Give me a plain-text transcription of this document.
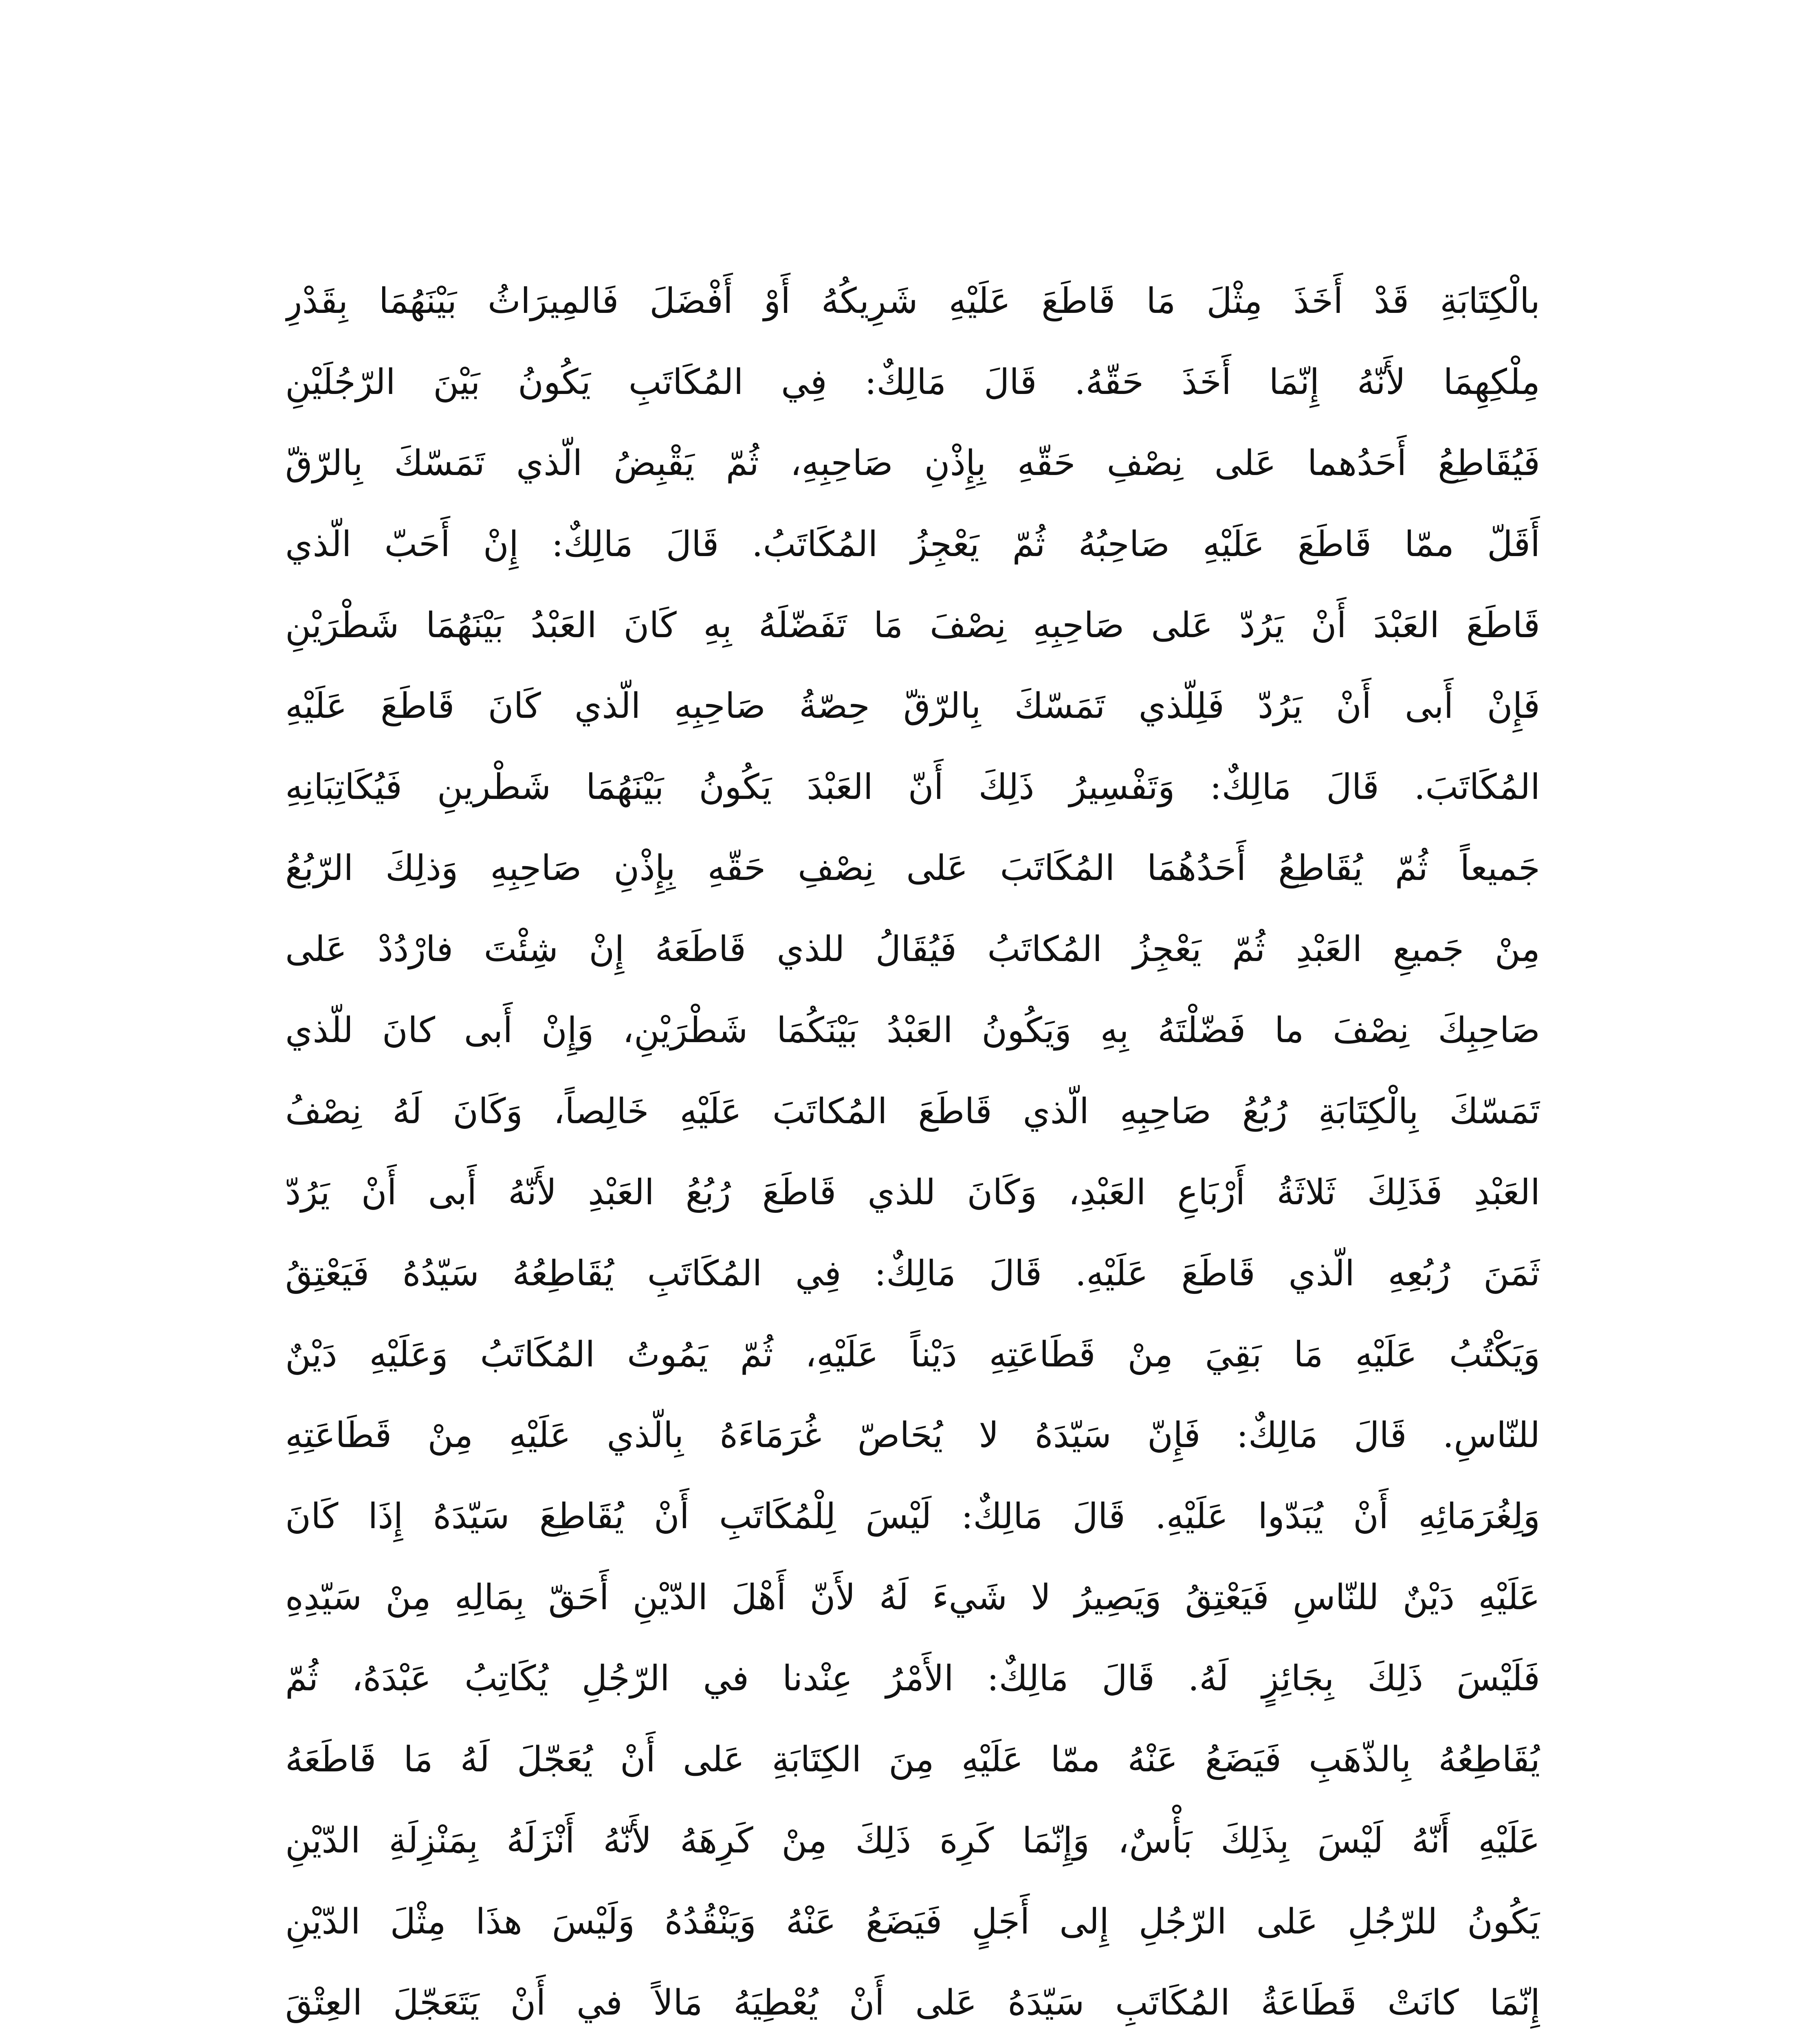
بالْكِتَابَةِ قَدْ أَخَذَ مِثْلَ مَا قَاطَعَ عَلَيْهِ شَرِيكُهُ أَوْ أَفْضَلَ فَالمِيرَاثُ بَيْنَهُمَا بِقَدْرِ
مِلْكِهِمَا لأَنّهُ إِنّمَا أَخَذَ حَقّهُ. قَالَ مَالِكٌ: فِي المُكَاتَبِ يَكُونُ بَيْنَ الرّجُلَيْنِ
فَيُقَاطِعُ أَحَدُهما عَلى نِصْفِ حَقّهِ بِإِذْنِ صَاحِبِهِ، ثُمّ يَقْبِضُ الّذي تَمَسّكَ بِالرّقّ
أَقَلّ ممّا قَاطَعَ عَلَيْهِ صَاحِبُهُ ثُمّ يَعْجِزُ المُكَاتَبُ. قَالَ مَالِكٌ: إِنْ أَحَبّ الّذي
قَاطَعَ العَبْدَ أَنْ يَرُدّ عَلى صَاحِبِهِ نِصْفَ مَا تَفَضّلَهُ بِهِ كَانَ العَبْدُ بَيْنَهُمَا شَطْرَيْنِ
فَإِنْ أَبى أَنْ يَرُدّ فَلِلّذي تَمَسّكَ بِالرّقّ حِصّةُ صَاحِبِهِ الّذي كَانَ قَاطَعَ عَلَيْهِ
المُكَاتَبَ. قَالَ مَالِكٌ: وَتَفْسِيرُ ذَلِكَ أَنّ العَبْدَ يَكُونُ بَيْنَهُمَا شَطْرينِ فَيُكَاتِبَانِهِ
جَميعاً ثُمّ يُقَاطِعُ أَحَدُهُمَا المُكَاتَبَ عَلى نِصْفِ حَقّهِ بِإِذْنِ صَاحِبِهِ وَذلِكَ الرّبُعُ
مِنْ جَميعِ العَبْدِ ثُمّ يَعْجِزُ المُكاتَبُ فَيُقَالُ للذي قَاطَعَهُ إِنْ شِئْتَ فارْدُدْ عَلى
صَاحِبِكَ نِصْفَ ما فَضّلْتَهُ بِهِ وَيَكُونُ العَبْدُ بَيْنَكُمَا شَطْرَيْنِ، وَإِنْ أَبى كانَ للّذي
تَمَسّكَ بِالْكِتَابَةِ رُبُعُ صَاحِبِهِ الّذي قَاطَعَ المُكاتَبَ عَلَيْهِ خَالِصاً، وَكَانَ لَهُ نِصْفُ
العَبْدِ فَذَلِكَ ثَلاثَةُ أَرْبَاعِ العَبْدِ، وَكَانَ للذي قَاطَعَ رُبُعُ العَبْدِ لأَنّهُ أَبى أَنْ يَرُدّ
ثَمَنَ رُبُعِهِ الّذي قَاطَعَ عَلَيْهِ. قَالَ مَالِكٌ: فِي المُكَاتَبِ يُقَاطِعُهُ سَيّدُهُ فَيَعْتِقُ
وَيَكْتُبُ عَلَيْهِ مَا بَقِيَ مِنْ قَطَاعَتِهِ دَيْناً عَلَيْهِ، ثُمّ يَمُوتُ المُكَاتَبُ وَعَلَيْهِ دَيْنٌ
للنّاسِ. قَالَ مَالِكٌ: فَإِنّ سَيّدَهُ لا يُحَاصّ غُرَمَاءَهُ بِالّذي عَلَيْهِ مِنْ قَطَاعَتِهِ
وَلِغُرَمَائِهِ أَنْ يُبَدّوا عَلَيْهِ. قَالَ مَالِكٌ: لَيْسَ لِلْمُكَاتَبِ أَنْ يُقَاطِعَ سَيّدَهُ إِذَا كَانَ
عَلَيْهِ دَيْنٌ للنّاسِ فَيَعْتِقُ وَيَصِيرُ لا شَيءَ لَهُ لأَنّ أَهْلَ الدّيْنِ أَحَقّ بِمَالِهِ مِنْ سَيّدِهِ
فَلَيْسَ ذَلِكَ بِجَائِزٍ لَهُ. قَالَ مَالِكٌ: الأَمْرُ عِنْدنا في الرّجُلِ يُكَاتِبُ عَبْدَهُ، ثُمّ
يُقَاطِعُهُ بِالذّهَبِ فَيَضَعُ عَنْهُ ممّا عَلَيْهِ مِنَ الكِتَابَةِ عَلى أَنْ يُعَجّلَ لَهُ مَا قَاطَعَهُ
عَلَيْهِ أَنّهُ لَيْسَ بِذَلِكَ بَأْسٌ، وَإِنّمَا كَرِهَ ذَلِكَ مِنْ كَرِهَهُ لأَنّهُ أَنْزَلَهُ بِمَنْزِلَةِ الدّيْنِ
يَكُونُ للرّجُلِ عَلى الرّجُلِ إِلى أَجَلٍ فَيَضَعُ عَنْهُ وَيَنْقُدُهُ وَلَيْسَ هذَا مِثْلَ الدّيْنِ
إِنّمَا كانَتْ قَطَاعَةُ المُكَاتَبِ سَيّدَهُ عَلى أَنْ يُعْطِيَهُ مَالاً في أَنْ يَتَعَجّلَ العِتْقَ
